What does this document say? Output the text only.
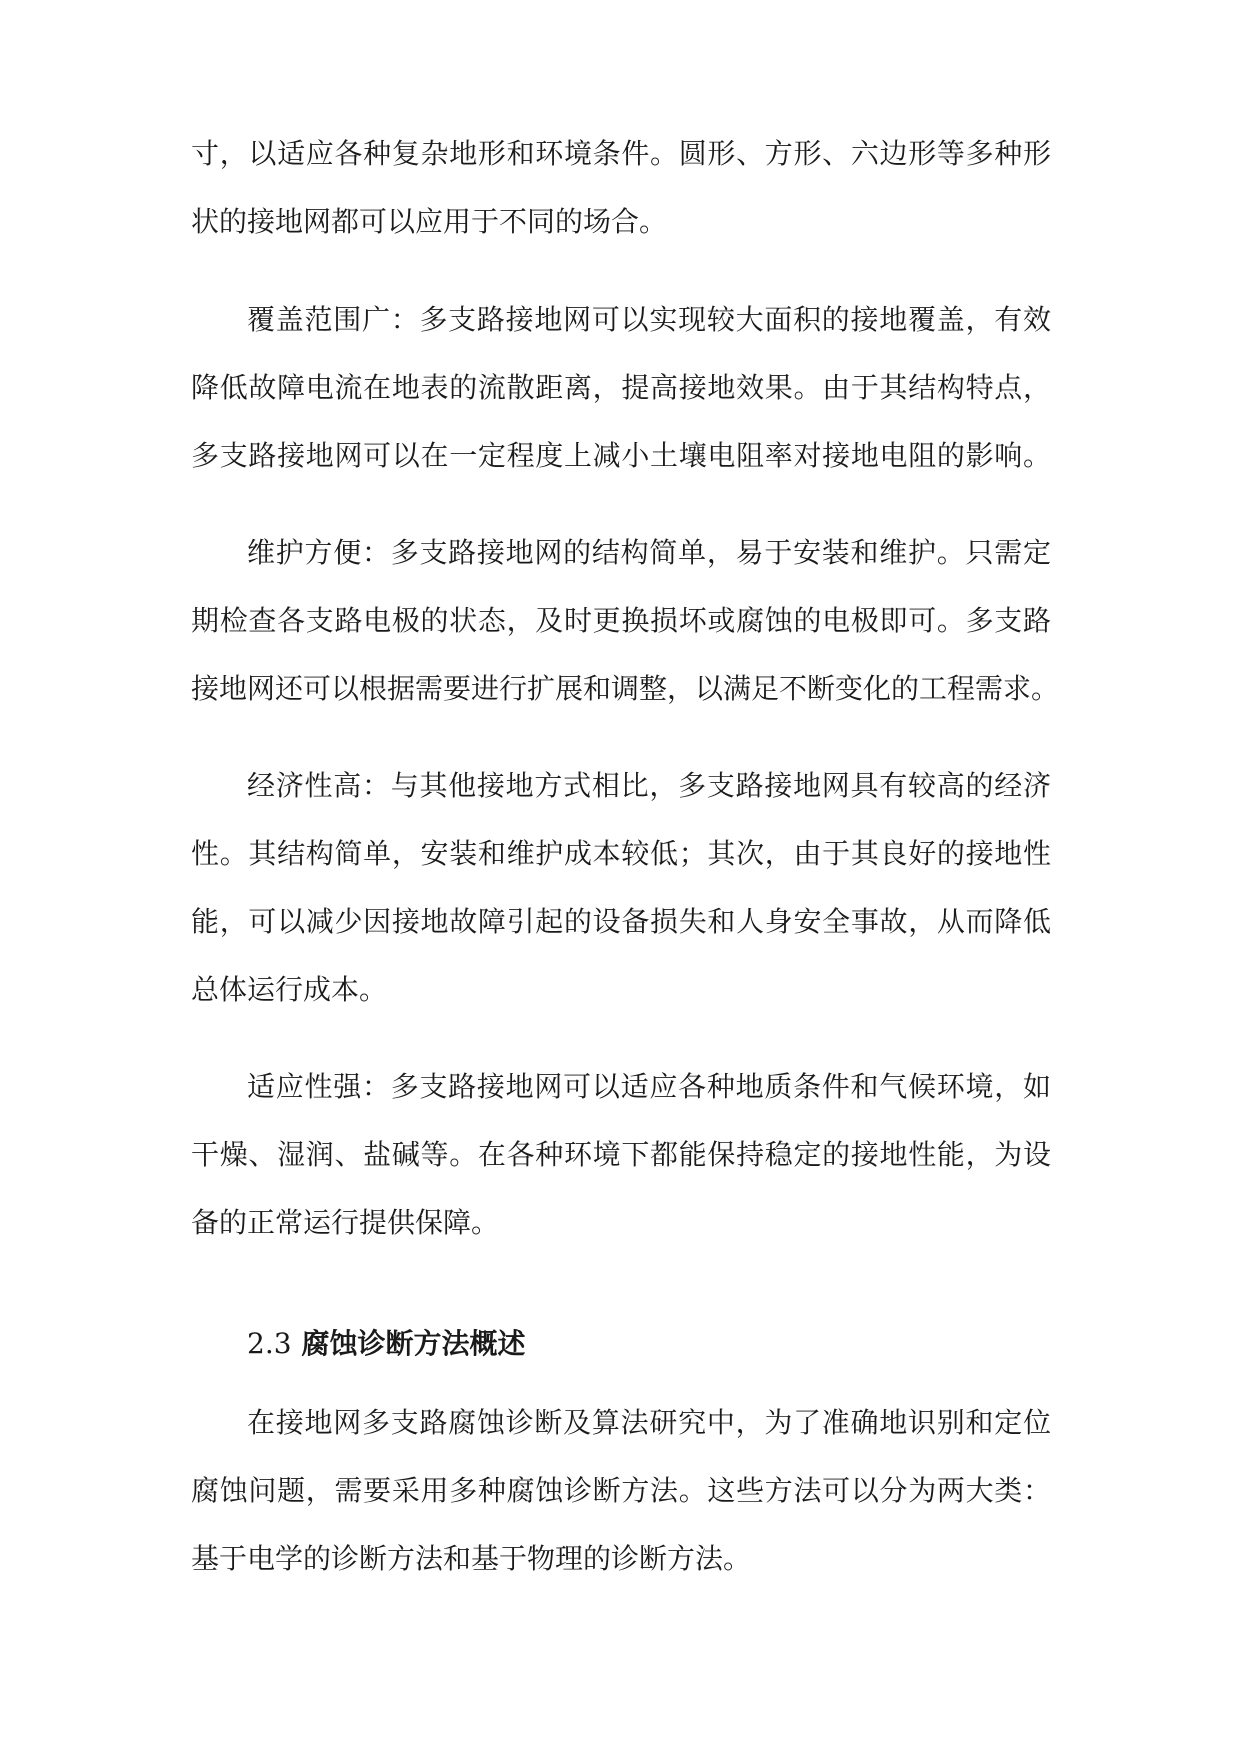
寸，以适应各种复杂地形和环境条件。圆形、方形、六边形等多种形
状的接地网都可以应用于不同的场合。
覆盖范围广：多支路接地网可以实现较大面积的接地覆盖，有效
降低故障电流在地表的流散距离，提高接地效果。由于其结构特点，
多支路接地网可以在一定程度上减小土壤电阻率对接地电阻的影响。
维护方便：多支路接地网的结构简单，易于安装和维护。只需定
期检查各支路电极的状态，及时更换损坏或腐蚀的电极即可。多支路
接地网还可以根据需要进行扩展和调整，以满足不断变化的工程需求。
经济性高：与其他接地方式相比，多支路接地网具有较高的经济
性。其结构简单，安装和维护成本较低；其次，由于其良好的接地性
能，可以减少因接地故障引起的设备损失和人身安全事故，从而降低
总体运行成本。
适应性强：多支路接地网可以适应各种地质条件和气候环境，如
干燥、湿润、盐碱等。在各种环境下都能保持稳定的接地性能，为设
备的正常运行提供保障。
2.3 腐蚀诊断方法概述
在接地网多支路腐蚀诊断及算法研究中，为了准确地识别和定位
腐蚀问题，需要采用多种腐蚀诊断方法。这些方法可以分为两大类：
基于电学的诊断方法和基于物理的诊断方法。
